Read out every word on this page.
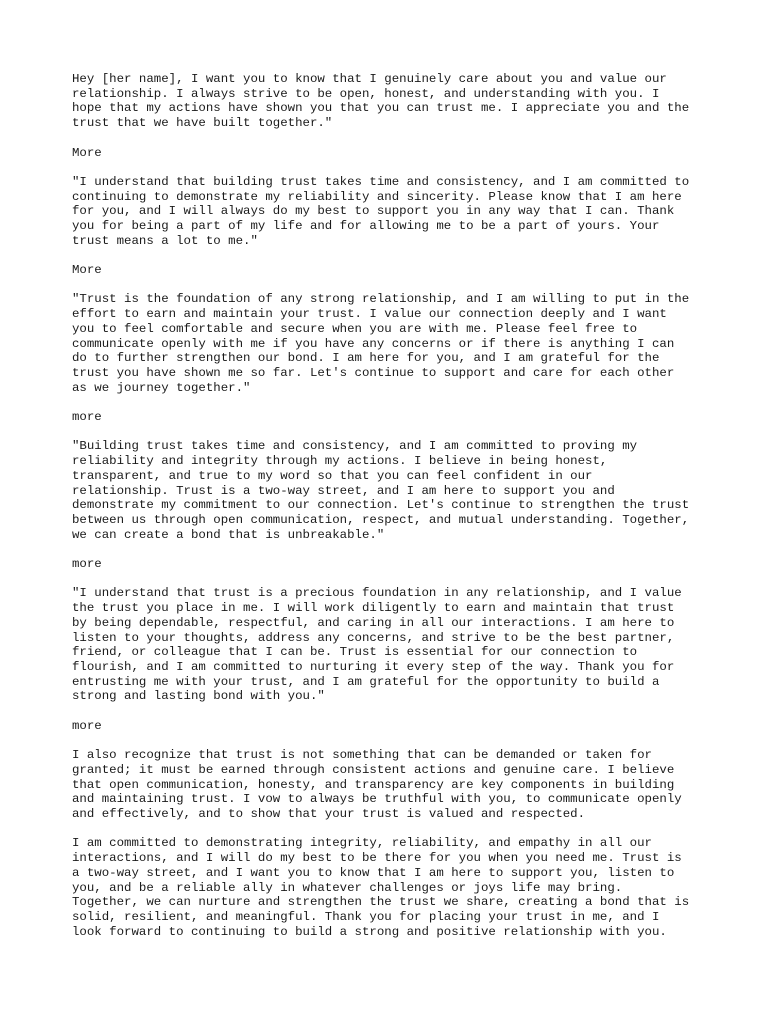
Hey [her name], I want you to know that I genuinely care about you and value our
relationship. I always strive to be open, honest, and understanding with you. I
hope that my actions have shown you that you can trust me. I appreciate you and the
trust that we have built together."

More

"I understand that building trust takes time and consistency, and I am committed to
continuing to demonstrate my reliability and sincerity. Please know that I am here
for you, and I will always do my best to support you in any way that I can. Thank
you for being a part of my life and for allowing me to be a part of yours. Your
trust means a lot to me."

More

"Trust is the foundation of any strong relationship, and I am willing to put in the
effort to earn and maintain your trust. I value our connection deeply and I want
you to feel comfortable and secure when you are with me. Please feel free to
communicate openly with me if you have any concerns or if there is anything I can
do to further strengthen our bond. I am here for you, and I am grateful for the
trust you have shown me so far. Let's continue to support and care for each other
as we journey together."

more

"Building trust takes time and consistency, and I am committed to proving my
reliability and integrity through my actions. I believe in being honest,
transparent, and true to my word so that you can feel confident in our
relationship. Trust is a two-way street, and I am here to support you and
demonstrate my commitment to our connection. Let's continue to strengthen the trust
between us through open communication, respect, and mutual understanding. Together,
we can create a bond that is unbreakable."

more

"I understand that trust is a precious foundation in any relationship, and I value
the trust you place in me. I will work diligently to earn and maintain that trust
by being dependable, respectful, and caring in all our interactions. I am here to
listen to your thoughts, address any concerns, and strive to be the best partner,
friend, or colleague that I can be. Trust is essential for our connection to
flourish, and I am committed to nurturing it every step of the way. Thank you for
entrusting me with your trust, and I am grateful for the opportunity to build a
strong and lasting bond with you."

more

I also recognize that trust is not something that can be demanded or taken for
granted; it must be earned through consistent actions and genuine care. I believe
that open communication, honesty, and transparency are key components in building
and maintaining trust. I vow to always be truthful with you, to communicate openly
and effectively, and to show that your trust is valued and respected.

I am committed to demonstrating integrity, reliability, and empathy in all our
interactions, and I will do my best to be there for you when you need me. Trust is
a two-way street, and I want you to know that I am here to support you, listen to
you, and be a reliable ally in whatever challenges or joys life may bring.
Together, we can nurture and strengthen the trust we share, creating a bond that is
solid, resilient, and meaningful. Thank you for placing your trust in me, and I
look forward to continuing to build a strong and positive relationship with you.
